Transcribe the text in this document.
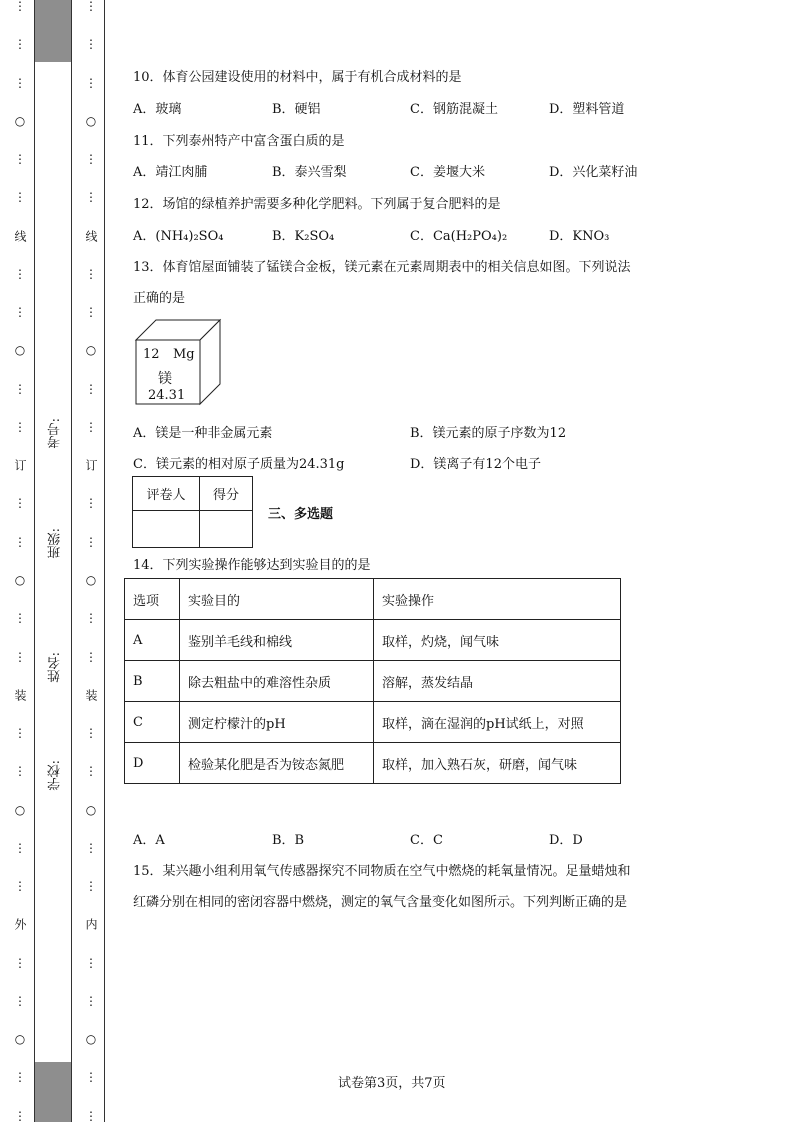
⋮
⋮
⋮
○
⋮
⋮
线
⋮
⋮
○
⋮
⋮
订
⋮
⋮
○
⋮
⋮
装
⋮
⋮
○
⋮
⋮
外
⋮
⋮
○
⋮
⋮
考号:
班级:
姓名:
学校:
⋮
⋮
⋮
○
⋮
⋮
线
⋮
⋮
○
⋮
⋮
订
⋮
⋮
○
⋮
⋮
装
⋮
⋮
○
⋮
⋮
内
⋮
⋮
○
⋮
⋮
10．体育公园建设使用的材料中，属于有机合成材料的是
A．玻璃	B．硬铝	C．钢筋混凝土	D．塑料管道
11．下列泰州特产中富含蛋白质的是
A．靖江肉脯	B．泰兴雪梨	C．姜堰大米	D．兴化菜籽油
12．场馆的绿植养护需要多种化学肥料。下列属于复合肥料的是
A．(NH₄)₂SO₄	B．K₂SO₄	C．Ca(H₂PO₄)₂	D．KNO₃
13．体育馆屋面铺装了锰镁合金板，镁元素在元素周期表中的相关信息如图。下列说法
正确的是
12 Mg
镁
24.31
A．镁是一种非金属元素	B．镁元素的原子序数为12
C．镁元素的相对原子质量为24.31g	D．镁离子有12个电子
评卷人	得分

三、多选题
14．下列实验操作能够达到实验目的的是
选项	实验目的	实验操作
A	鉴别羊毛线和棉线	取样，灼烧，闻气味
B	除去粗盐中的难溶性杂质	溶解，蒸发结晶
C	测定柠檬汁的pH	取样，滴在湿润的pH试纸上，对照
D	检验某化肥是否为铵态氮肥	取样，加入熟石灰，研磨，闻气味
A．A	B．B	C．C	D．D
15．某兴趣小组利用氧气传感器探究不同物质在空气中燃烧的耗氧量情况。足量蜡烛和
红磷分别在相同的密闭容器中燃烧，测定的氧气含量变化如图所示。下列判断正确的是
试卷第3页，共7页
